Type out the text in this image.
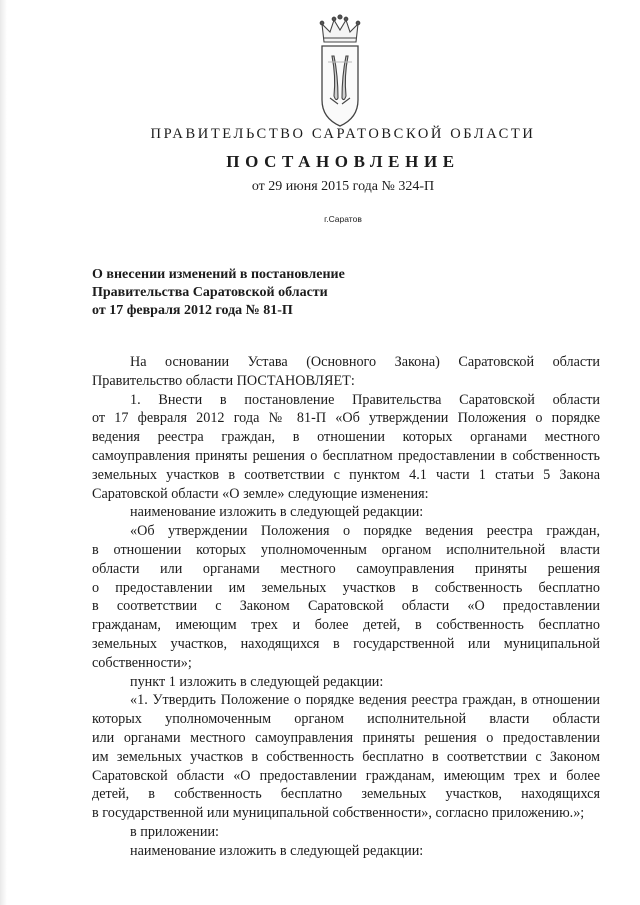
ПРАВИТЕЛЬСТВО САРАТОВСКОЙ ОБЛАСТИ
ПОСТАНОВЛЕНИЕ
от 29 июня 2015 года № 324-П
г.Саратов
О внесении изменений в постановление
Правительства Саратовской области
от 17 февраля 2012 года № 81-П

На основании Устава (Основного Закона) Саратовской области
Правительство области ПОСТАНОВЛЯЕТ:

1. Внести в постановление Правительства Саратовской области
от 17 февраля 2012 года № 81-П «Об утверждении Положения о порядке
ведения реестра граждан, в отношении которых органами местного
самоуправления приняты решения о бесплатном предоставлении в собственность
земельных участков в соответствии с пунктом 4.1 части 1 статьи 5 Закона
Саратовской области «О земле» следующие изменения:

наименование изложить в следующей редакции:

«Об утверждении Положения о порядке ведения реестра граждан,
в отношении которых уполномоченным органом исполнительной власти
области или органами местного самоуправления приняты решения
о предоставлении им земельных участков в собственность бесплатно
в соответствии с Законом Саратовской области «О предоставлении
гражданам, имеющим трех и более детей, в собственность бесплатно
земельных участков, находящихся в государственной или муниципальной
собственности»;

пункт 1 изложить в следующей редакции:

«1. Утвердить Положение о порядке ведения реестра граждан, в отношении
которых уполномоченным органом исполнительной власти области
или органами местного самоуправления приняты решения о предоставлении
им земельных участков в собственность бесплатно в соответствии с Законом
Саратовской области «О предоставлении гражданам, имеющим трех и более
детей, в собственность бесплатно земельных участков, находящихся
в государственной или муниципальной собственности», согласно приложению.»;

в приложении:

наименование изложить в следующей редакции:
